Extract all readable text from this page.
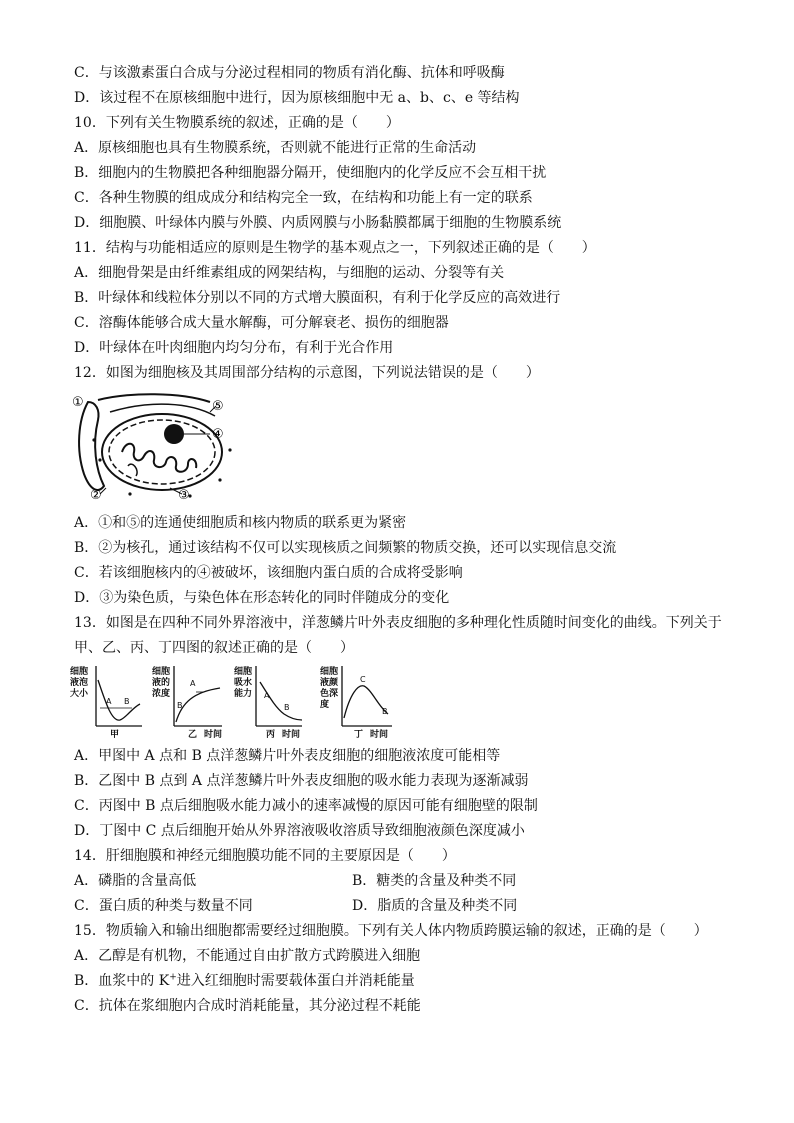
C．与该激素蛋白合成与分泌过程相同的物质有消化酶、抗体和呼吸酶
D．该过程不在原核细胞中进行，因为原核细胞中无 a、b、c、e 等结构
10．下列有关生物膜系统的叙述，正确的是（　　）
A．原核细胞也具有生物膜系统，否则就不能进行正常的生命活动
B．细胞内的生物膜把各种细胞器分隔开，使细胞内的化学反应不会互相干扰
C．各种生物膜的组成成分和结构完全一致，在结构和功能上有一定的联系
D．细胞膜、叶绿体内膜与外膜、内质网膜与小肠黏膜都属于细胞的生物膜系统
11．结构与功能相适应的原则是生物学的基本观点之一，下列叙述正确的是（　　）
A．细胞骨架是由纤维素组成的网架结构，与细胞的运动、分裂等有关
B．叶绿体和线粒体分别以不同的方式增大膜面积，有利于化学反应的高效进行
C．溶酶体能够合成大量水解酶，可分解衰老、损伤的细胞器
D．叶绿体在叶肉细胞内均匀分布，有利于光合作用
12．如图为细胞核及其周围部分结构的示意图，下列说法错误的是（　　）
①
②	③
④
⑤
A．①和⑤的连通使细胞质和核内物质的联系更为紧密
B．②为核孔，通过该结构不仅可以实现核质之间频繁的物质交换，还可以实现信息交流
C．若该细胞核内的④被破坏，该细胞内蛋白质的合成将受影响
D．③为染色质，与染色体在形态转化的同时伴随成分的变化
13．如图是在四种不同外界溶液中，洋葱鳞片叶外表皮细胞的多种理化性质随时间变化的曲线。下列关于
甲、乙、丙、丁四图的叙述正确的是（　　）
细胞
液泡
大小
A B
甲
细胞
液的
浓度
B
A
乙 时间
细胞
吸水
能力 A
B
丙 时间
细胞
液颜
色深
度
C
B
丁 时间
A．甲图中 A 点和 B 点洋葱鳞片叶外表皮细胞的细胞液浓度可能相等
B．乙图中 B 点到 A 点洋葱鳞片叶外表皮细胞的吸水能力表现为逐渐减弱
C．丙图中 B 点后细胞吸水能力减小的速率减慢的原因可能有细胞壁的限制
D．丁图中 C 点后细胞开始从外界溶液吸收溶质导致细胞液颜色深度减小
14．肝细胞膜和神经元细胞膜功能不同的主要原因是（　　）
A．磷脂的含量高低	B．糖类的含量及种类不同
C．蛋白质的种类与数量不同	D．脂质的含量及种类不同
15．物质输入和输出细胞都需要经过细胞膜。下列有关人体内物质跨膜运输的叙述，正确的是（　　）
A．乙醇是有机物，不能通过自由扩散方式跨膜进入细胞
B．血浆中的 K+进入红细胞时需要载体蛋白并消耗能量
C．抗体在浆细胞内合成时消耗能量，其分泌过程不耗能
